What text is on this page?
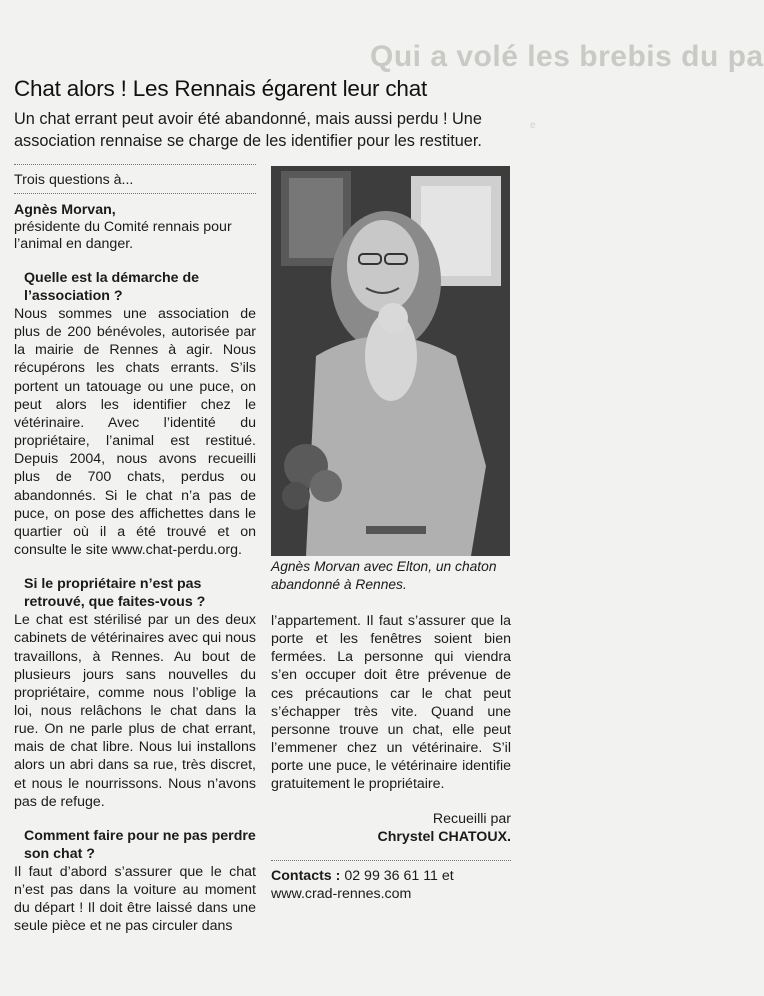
Qui a volé les brebis du pa
e
Chat alors ! Les Rennais égarent leur chat

Un chat errant peut avoir été abandonné, mais aussi perdu ! Une association rennaise se charge de les identifier pour les restituer.

Trois questions à...

Agnès Morvan,

présidente du Comité rennais pour l’animal en danger.

Quelle est la démarche de l’association ?

Nous sommes une association de plus de 200 bénévoles, autorisée par la mairie de Rennes à agir. Nous récupérons les chats errants. S’ils portent un tatouage ou une puce, on peut alors les identifier chez le vétérinaire. Avec l’identité du propriétaire, l’animal est restitué. Depuis 2004, nous avons recueilli plus de 700 chats, perdus ou abandonnés. Si le chat n’a pas de puce, on pose des affichettes dans le quartier où il a été trouvé et on consulte le site www.chat-perdu.org.

Si le propriétaire n’est pas retrouvé, que faites-vous ?

Le chat est stérilisé par un des deux cabinets de vétérinaires avec qui nous travaillons, à Rennes. Au bout de plusieurs jours sans nouvelles du propriétaire, comme nous l’oblige la loi, nous relâchons le chat dans la rue. On ne parle plus de chat errant, mais de chat libre. Nous lui installons alors un abri dans sa rue, très discret, et nous le nourrissons. Nous n’avons pas de refuge.

Comment faire pour ne pas perdre son chat ?

Il faut d’abord s’assurer que le chat n’est pas dans la voiture au moment du départ ! Il doit être laissé dans une seule pièce et ne pas circuler dans

Agnès Morvan avec Elton, un chaton abandonné à Rennes.

l’appartement. Il faut s’assurer que la porte et les fenêtres soient bien fermées. La personne qui viendra s’en occuper doit être prévenue de ces précautions car le chat peut s’échapper très vite. Quand une personne trouve un chat, elle peut l’emmener chez un vétérinaire. S’il porte une puce, le vétérinaire identifie gratuitement le propriétaire.

Recueilli par
Chrystel CHATOUX.

Contacts : 02 99 36 61 11 et www.crad-rennes.com
